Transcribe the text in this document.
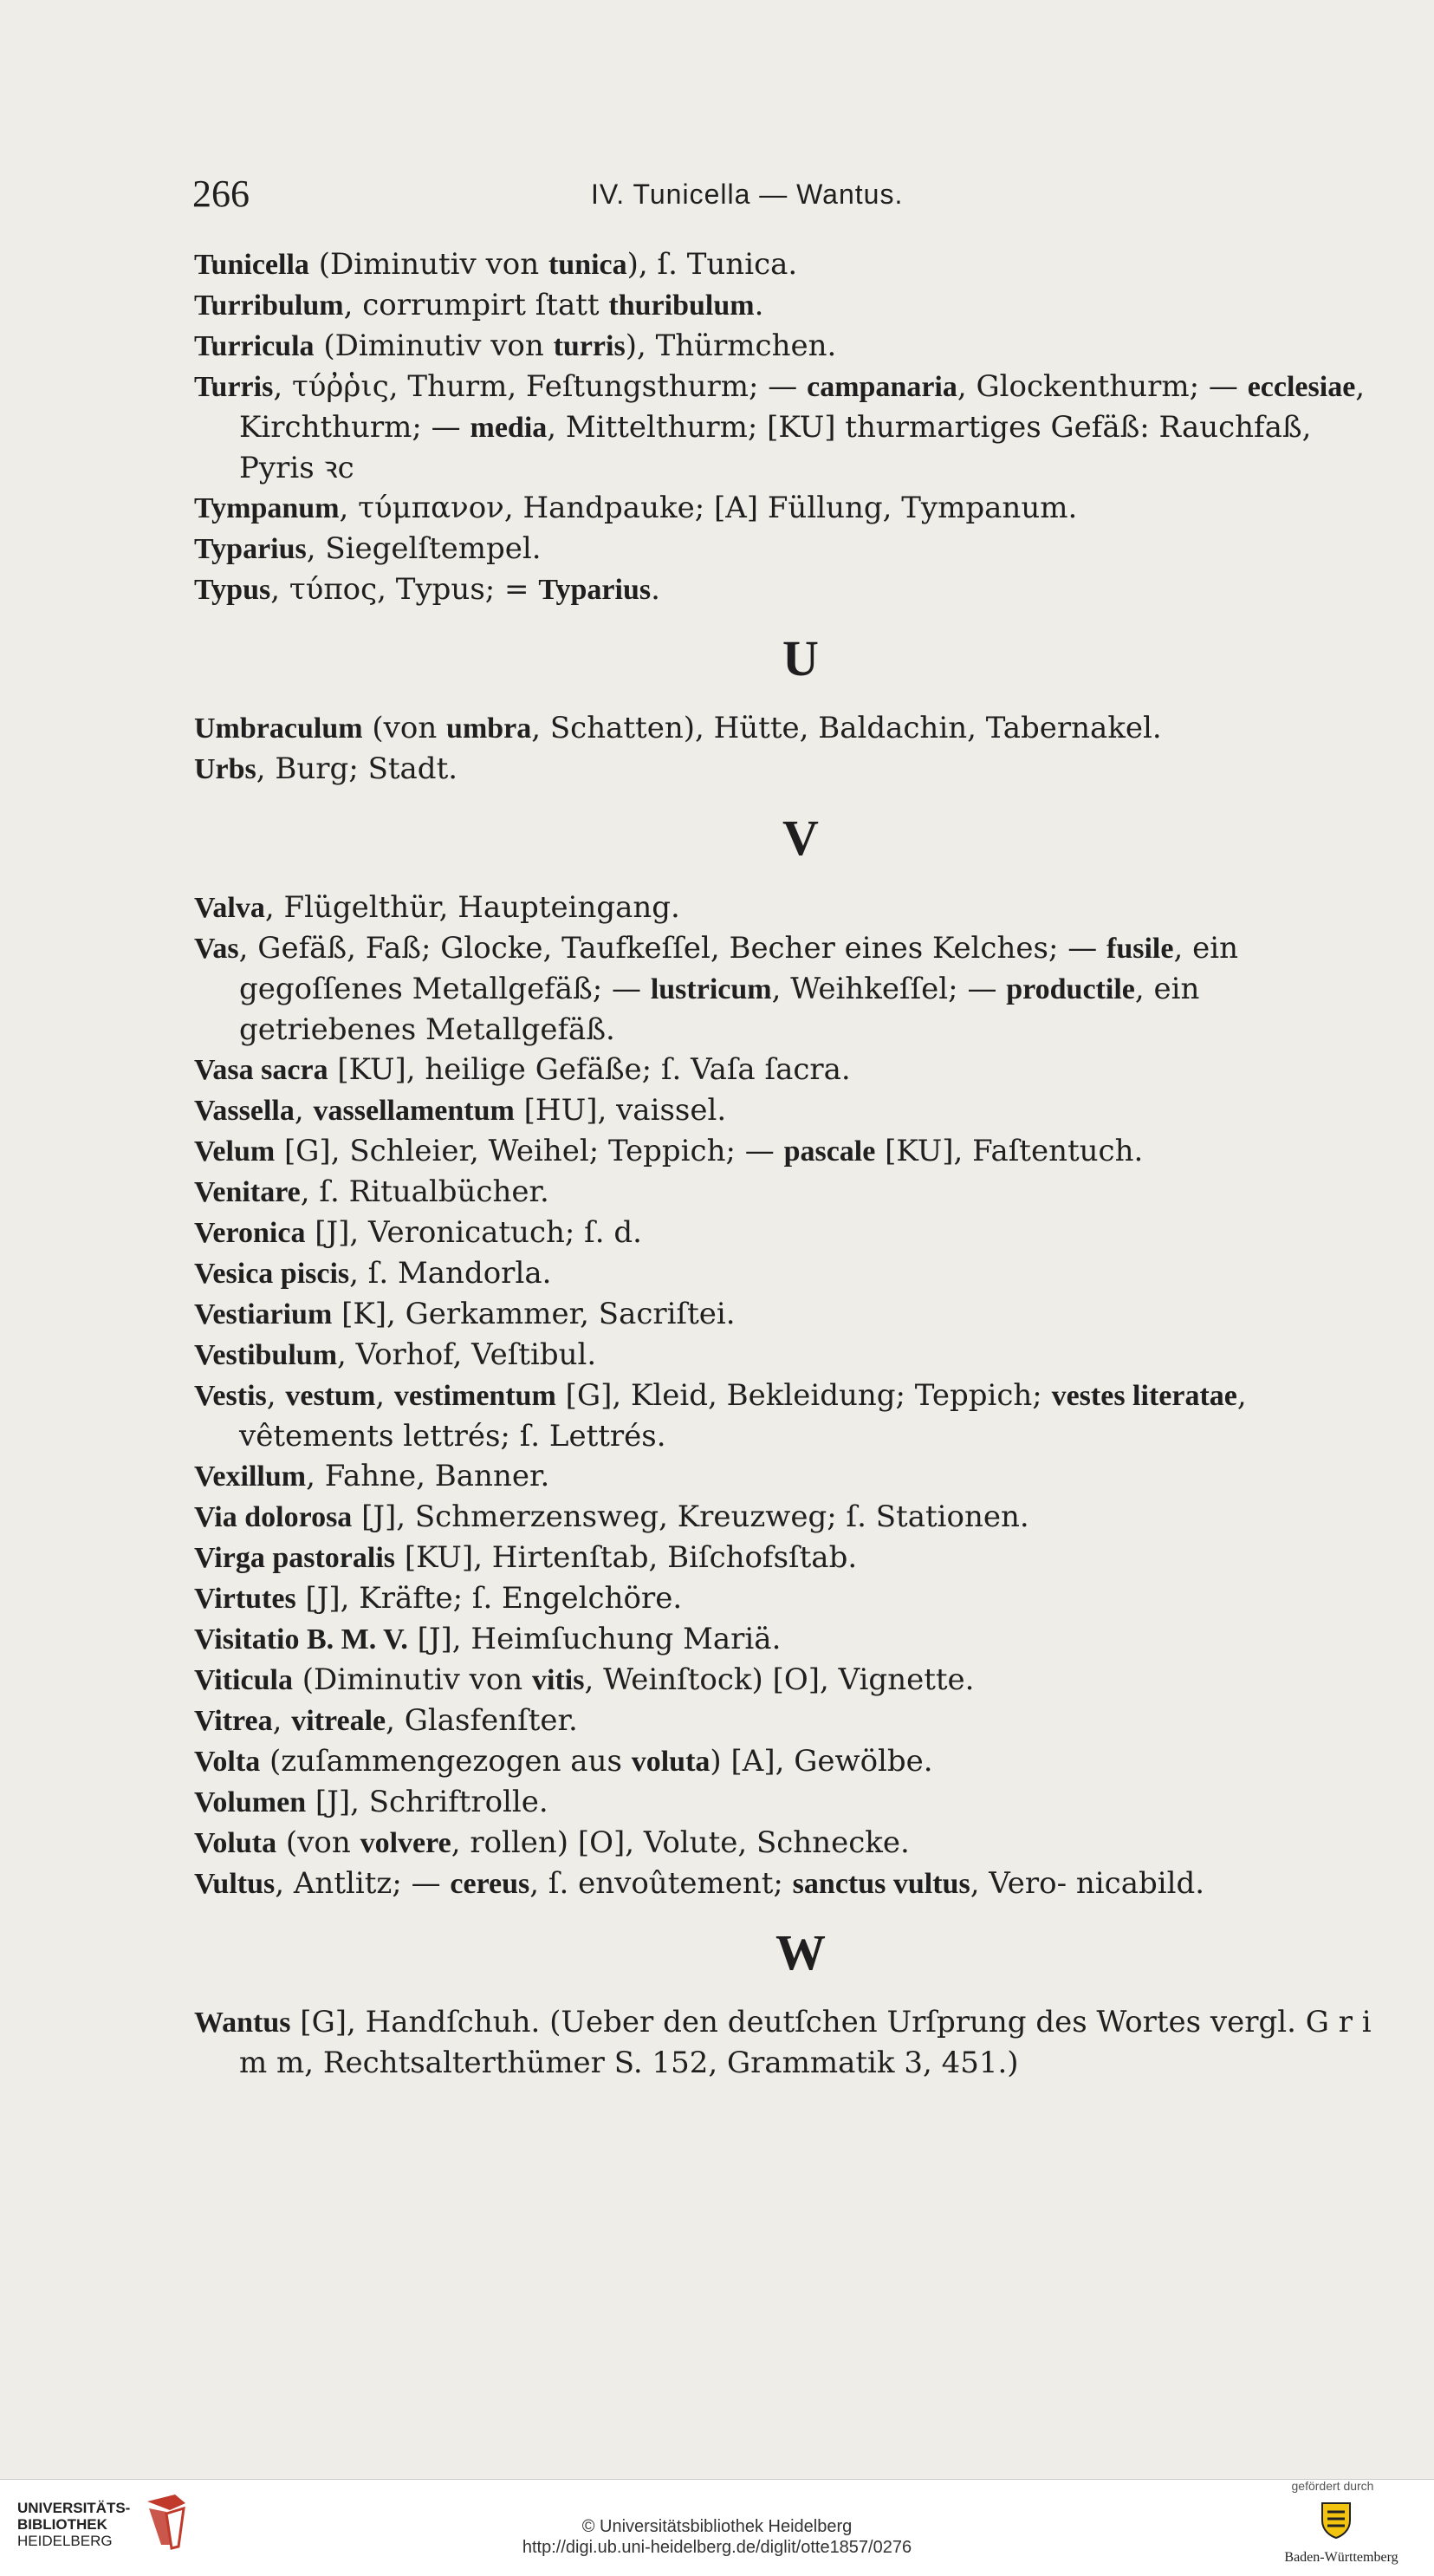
266	IV. Tunicella — Wantus.
Tunicella (Diminutiv von tunica), ſ. Tunica.
Turribulum, corrumpirt ſtatt thuribulum.
Turricula (Diminutiv von turris), Thürmchen.
Turris, τύῤῥις, Thurm, Feſtungsthurm; — campanaria, Glockenthurm; — ecclesiae, Kirchthurm; — media, Mittelthurm; [KU] thurmartiges Gefäß: Rauchfaß, Pyris ꝛc
Tympanum, τύμπανον, Handpauke; [A] Füllung, Tympanum.
Typarius, Siegelſtempel.
Typus, τύπος, Typus; = Typarius.
U
Umbraculum (von umbra, Schatten), Hütte, Baldachin, Tabernakel.
Urbs, Burg; Stadt.
V
Valva, Flügelthür, Haupteingang.
Vas, Gefäß, Faß; Glocke, Taufkeſſel, Becher eines Kelches; — fusile, ein gegoſſenes Metallgefäß; — lustricum, Weihkeſſel; — productile, ein getriebenes Metallgefäß.
Vasa sacra [KU], heilige Gefäße; ſ. Vaſa ſacra.
Vassella, vassellamentum [HU], vaissel.
Velum [G], Schleier, Weihel; Teppich; — pascale [KU], Faſtentuch.
Venitare, ſ. Ritualbücher.
Veronica [J], Veronicatuch; ſ. d.
Vesica piscis, ſ. Mandorla.
Vestiarium [K], Gerkammer, Sacriſtei.
Vestibulum, Vorhof, Veſtibul.
Vestis, vestum, vestimentum [G], Kleid, Bekleidung; Teppich; vestes literatae, vêtements lettrés; ſ. Lettrés.
Vexillum, Fahne, Banner.
Via dolorosa [J], Schmerzensweg, Kreuzweg; ſ. Stationen.
Virga pastoralis [KU], Hirtenſtab, Biſchofsſtab.
Virtutes [J], Kräfte; ſ. Engelchöre.
Visitatio B. M. V. [J], Heimſuchung Mariä.
Viticula (Diminutiv von vitis, Weinſtock) [O], Vignette.
Vitrea, vitreale, Glasfenſter.
Volta (zuſammengezogen aus voluta) [A], Gewölbe.
Volumen [J], Schriftrolle.
Voluta (von volvere, rollen) [O], Volute, Schnecke.
Vultus, Antlitz; — cereus, ſ. envoûtement; sanctus vultus, Vero- nicabild.
W
Wantus [G], Handſchuh. (Ueber den deutſchen Urſprung des Wortes vergl. G r i m m, Rechtsalterthümer S. 152, Grammatik 3, 451.)
UNIVERSITÄTS-
BIBLIOTHEK
HEIDELBERG
© Universitätsbibliothek Heidelberg
http://digi.ub.uni-heidelberg.de/diglit/otte1857/0276
gefördert durch
Baden-Württemberg
